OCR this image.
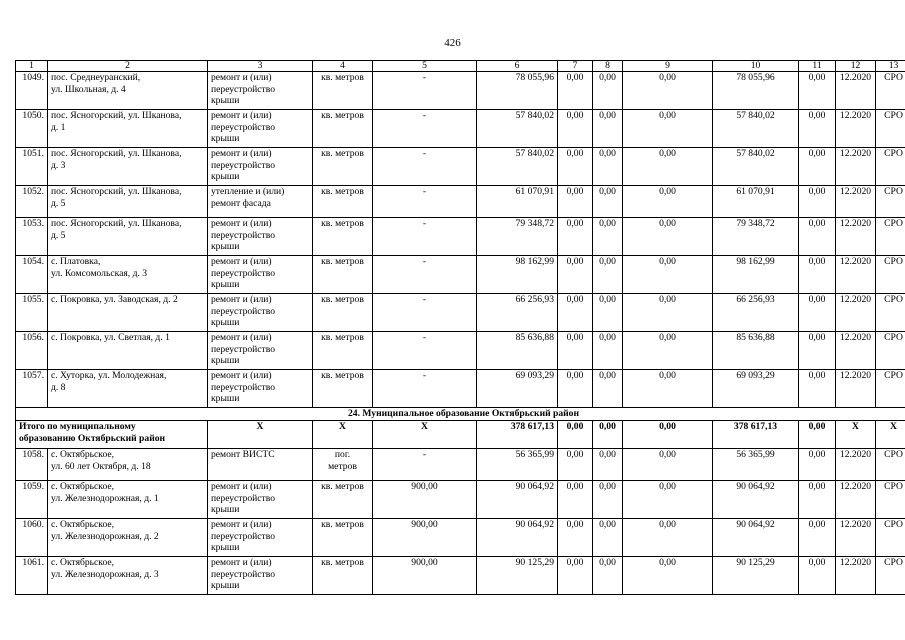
426
1	2	3	4	5	6	7	8	9	10	11	12	13
1049.	пос. Среднеуранский,
ул. Школьная, д. 4	ремонт и (или)
переустройство
крыши	кв. метров	-	78 055,96	0,00	0,00	0,00	78 055,96	0,00	12.2020	СРО
1050.	пос. Ясногорский, ул. Шканова,
д. 1	ремонт и (или)
переустройство
крыши	кв. метров	-	57 840,02	0,00	0,00	0,00	57 840,02	0,00	12.2020	СРО
1051.	пос. Ясногорский, ул. Шканова,
д. 3	ремонт и (или)
переустройство
крыши	кв. метров	-	57 840,02	0,00	0,00	0,00	57 840,02	0,00	12.2020	СРО
1052.	пос. Ясногорский, ул. Шканова,
д. 5	утепление и (или)
ремонт фасада	кв. метров	-	61 070,91	0,00	0,00	0,00	61 070,91	0,00	12.2020	СРО
1053.	пос. Ясногорский, ул. Шканова,
д. 5	ремонт и (или)
переустройство
крыши	кв. метров	-	79 348,72	0,00	0,00	0,00	79 348,72	0,00	12.2020	СРО
1054.	с. Платовка,
ул. Комсомольская, д. 3	ремонт и (или)
переустройство
крыши	кв. метров	-	98 162,99	0,00	0,00	0,00	98 162,99	0,00	12.2020	СРО
1055.	с. Покровка, ул. Заводская, д. 2	ремонт и (или)
переустройство
крыши	кв. метров	-	66 256,93	0,00	0,00	0,00	66 256,93	0,00	12.2020	СРО
1056.	с. Покровка, ул. Светлая, д. 1	ремонт и (или)
переустройство
крыши	кв. метров	-	85 636,88	0,00	0,00	0,00	85 636,88	0,00	12.2020	СРО
1057.	с. Хуторка, ул. Молодежная,
д. 8	ремонт и (или)
переустройство
крыши	кв. метров	-	69 093,29	0,00	0,00	0,00	69 093,29	0,00	12.2020	СРО
24. Муниципальное образование Октябрьский район												
Итого по муниципальному
образованию Октябрьский район		Х	Х	Х	378 617,13	0,00	0,00	0,00	378 617,13	0,00	Х	Х
1058.	с. Октябрьское,
ул. 60 лет Октября, д. 18	ремонт ВИСТС	пог.
метров	-	56 365,99	0,00	0,00	0,00	56 365,99	0,00	12.2020	СРО
1059.	с. Октябрьское,
ул. Железнодорожная, д. 1	ремонт и (или)
переустройство
крыши	кв. метров	900,00	90 064,92	0,00	0,00	0,00	90 064,92	0,00	12.2020	СРО
1060.	с. Октябрьское,
ул. Железнодорожная, д. 2	ремонт и (или)
переустройство
крыши	кв. метров	900,00	90 064,92	0,00	0,00	0,00	90 064,92	0,00	12.2020	СРО
1061.	с. Октябрьское,
ул. Железнодорожная, д. 3	ремонт и (или)
переустройство
крыши	кв. метров	900,00	90 125,29	0,00	0,00	0,00	90 125,29	0,00	12.2020	СРО
